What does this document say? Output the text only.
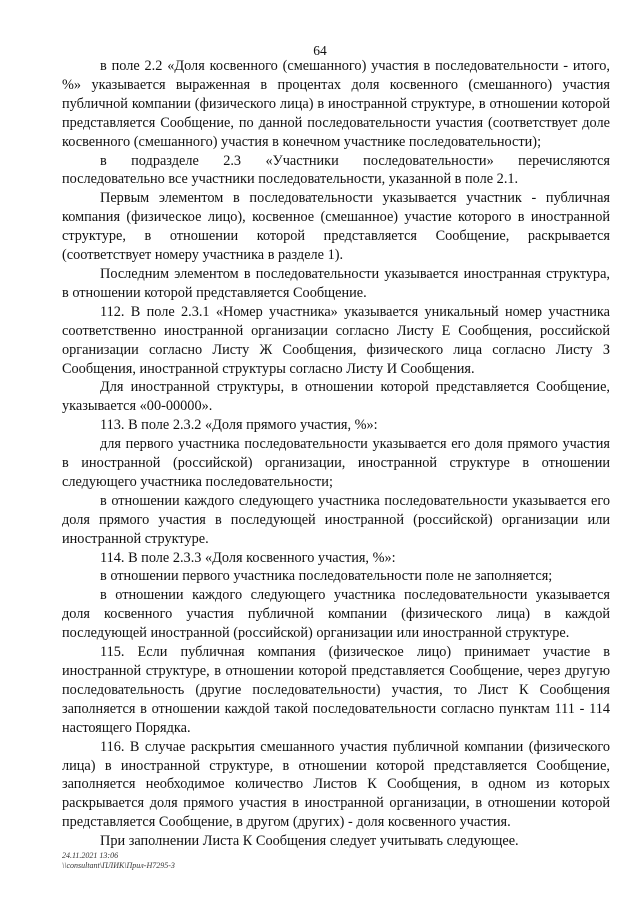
64

в поле 2.2 «Доля косвенного (смешанного) участия в последовательности - итого, %» указывается выраженная в процентах доля косвенного (смешанного) участия публичной компании (физического лица) в иностранной структуре, в отношении которой представляется Сообщение, по данной последовательности участия (соответствует доле косвенного (смешанного) участия в конечном участнике последовательности);

в подразделе 2.3 «Участники последовательности» перечисляются последовательно все участники последовательности, указанной в поле 2.1.

Первым элементом в последовательности указывается участник - публичная компания (физическое лицо), косвенное (смешанное) участие которого в иностранной структуре, в отношении которой представляется Сообщение, раскрывается (соответствует номеру участника в разделе 1).

Последним элементом в последовательности указывается иностранная структура, в отношении которой представляется Сообщение.

112. В поле 2.3.1 «Номер участника» указывается уникальный номер участника соответственно иностранной организации согласно Листу Е Сообщения, российской организации согласно Листу Ж Сообщения, физического лица согласно Листу З Сообщения, иностранной структуры согласно Листу И Сообщения.

Для иностранной структуры, в отношении которой представляется Сообщение, указывается «00-00000».

113. В поле 2.3.2 «Доля прямого участия, %»:

для первого участника последовательности указывается его доля прямого участия в иностранной (российской) организации, иностранной структуре в отношении следующего участника последовательности;

в отношении каждого следующего участника последовательности указывается его доля прямого участия в последующей иностранной (российской) организации или иностранной структуре.

114. В поле 2.3.3 «Доля косвенного участия, %»:

в отношении первого участника последовательности поле не заполняется;

в отношении каждого следующего участника последовательности указывается доля косвенного участия публичной компании (физического лица) в каждой последующей иностранной (российской) организации или иностранной структуре.

115. Если публичная компания (физическое лицо) принимает участие в иностранной структуре, в отношении которой представляется Сообщение, через другую последовательность (другие последовательности) участия, то Лист К Сообщения заполняется в отношении каждой такой последовательности согласно пунктам 111 - 114 настоящего Порядка.

116. В случае раскрытия смешанного участия публичной компании (физического лица) в иностранной структуре, в отношении которой представляется Сообщение, заполняется необходимое количество Листов К Сообщения, в одном из которых раскрывается доля прямого участия в иностранной организации, в отношении которой представляется Сообщение, в другом (других) - доля косвенного участия.

При заполнении Листа К Сообщения следует учитывать следующее.

24.11.2021 13:06
\\consultant\ПЛИК\Прил-Н7295-3
